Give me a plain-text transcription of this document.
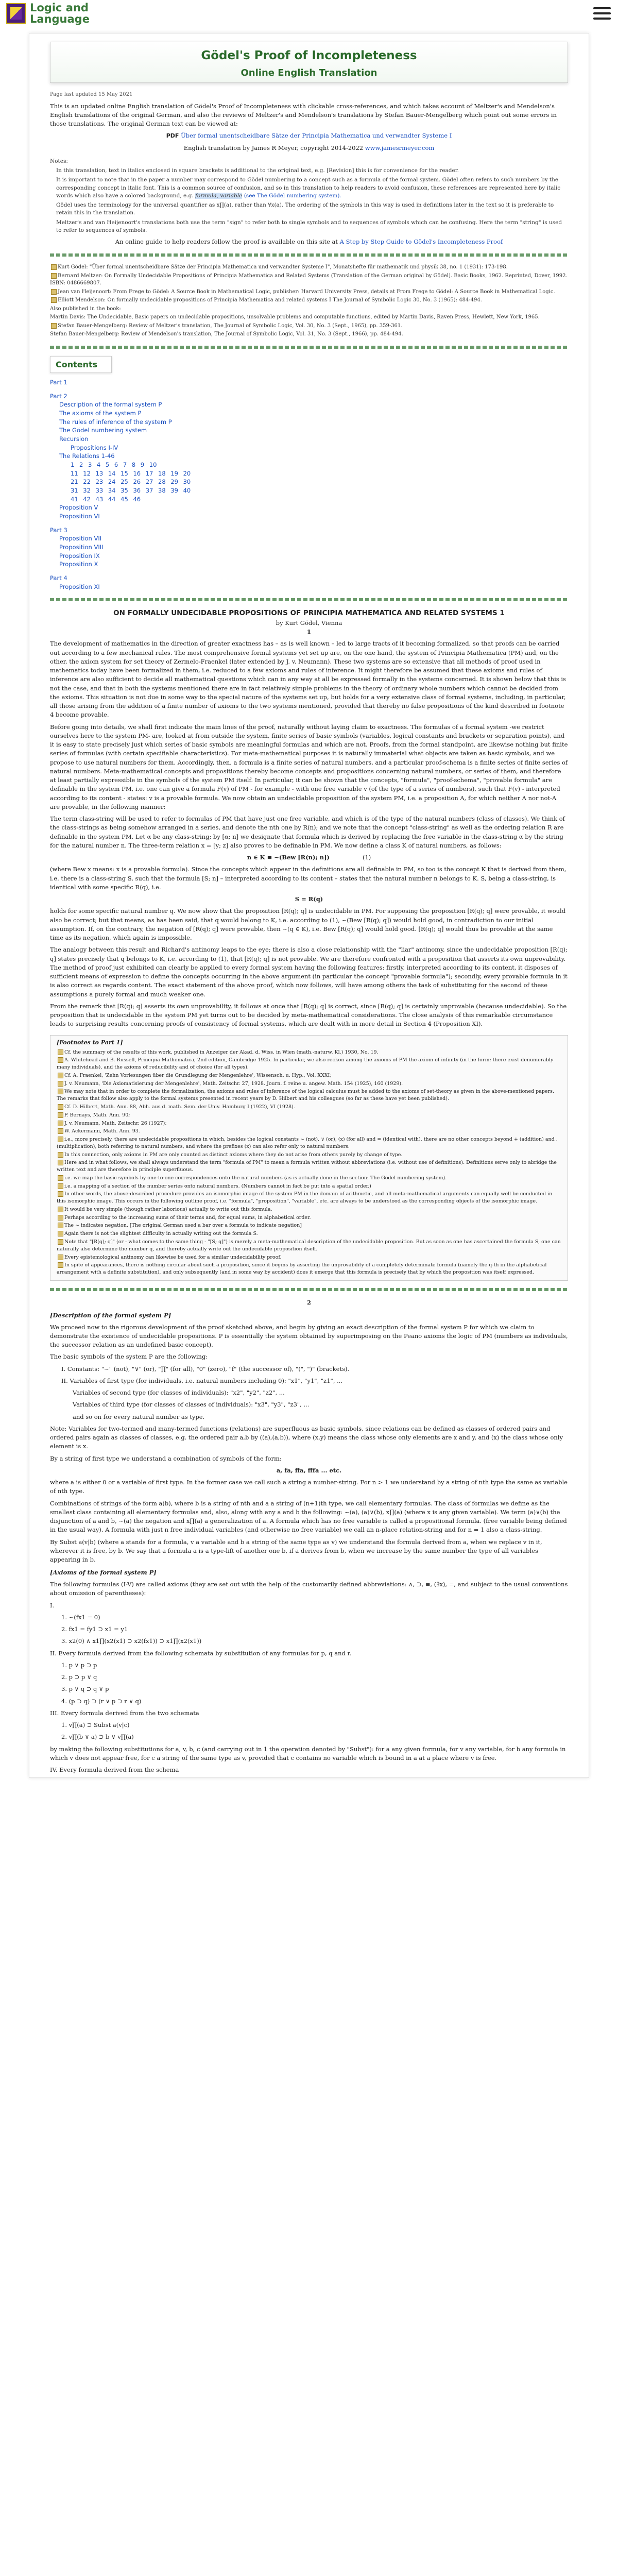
Logic and
Language
Gödel's Proof of Incompleteness
Online English Translation

Page last updated 15 May 2021

This is an updated online English translation of Gödel's Proof of Incompleteness with clickable cross-references, and which takes account of Meltzer's and Mendelson's English translations of the original German, and also the reviews of Meltzer's and Mendelson's translations by Stefan Bauer-Mengelberg which point out some errors in those translations. The original German text can be viewed at:

PDF Über formal unentscheidbare Sätze der Principia Mathematica und verwandter Systeme I

English translation by James R Meyer, copyright 2014-2022 www.jamesrmeyer.com

Notes:

In this translation, text in italics enclosed in square brackets is additional to the original text, e.g. [Revision] this is for convenience for the reader.

It is important to note that in the paper a number may correspond to Gödel numbering to a concept such as a formula of the formal system. Gödel often refers to such numbers by the corresponding concept in italic font. This is a common source of confusion, and so in this translation to help readers to avoid confusion, these references are represented here by italic words which also have a colored background, e.g. formula, variable (see The Gödel numbering system).

Gödel uses the terminology for the universal quantifier as x∏(a), rather than ∀x(a). The ordering of the symbols in this way is used in definitions later in the text so it is preferable to retain this in the translation.

Meltzer's and van Heijenoort's translations both use the term "sign" to refer both to single symbols and to sequences of symbols which can be confusing. Here the term "string" is used to refer to sequences of symbols.

An online guide to help readers follow the proof is available on this site at A Step by Step Guide to Gödel's Incompleteness Proof

Kurt Gödel: "Über formal unentscheidbare Sätze der Principia Mathematica und verwandter Systeme I", Monatshefte für mathematik und physik 38, no. 1 (1931): 173-198.

Bernard Meltzer: On Formally Undecidable Propositions of Principia Mathematica and Related Systems (Translation of the German original by Gödel). Basic Books, 1962. Reprinted, Dover, 1992. ISBN: 0486669807.

Jean van Heijenoort: From Frege to Gödel: A Source Book in Mathematical Logic, publisher: Harvard University Press, details at From Frege to Gödel: A Source Book in Mathematical Logic.

Elliott Mendelson: On formally undecidable propositions of Principia Mathematica and related systems I The Journal of Symbolic Logic 30, No. 3 (1965): 484-494.

Also published in the book:

Martin Davis: The Undecidable, Basic papers on undecidable propositions, unsolvable problems and computable functions, edited by Martin Davis, Raven Press, Hewlett, New York, 1965.

Stefan Bauer-Mengelberg: Review of Meltzer's translation, The Journal of Symbolic Logic, Vol. 30, No. 3 (Sept., 1965), pp. 359-361.

Stefan Bauer-Mengelberg: Review of Mendelson's translation, The Journal of Symbolic Logic, Vol. 31, No. 3 (Sept., 1966), pp. 484-494.

Contents
Part 1
Part 2
Description of the formal system P
The axioms of the system P
The rules of inference of the system P
The Gödel numbering system
Recursion
Propositions I-IV
The Relations 1-46
1 2 3 4 5 6 7 8 9 10
11 12 13 14 15 16 17 18 19 20
21 22 23 24 25 26 27 28 29 30
31 32 33 34 35 36 37 38 39 40
41 42 43 44 45 46
Proposition V
Proposition VI
Part 3
Proposition VII
Proposition VIII
Proposition IX
Proposition X
Part 4
Proposition XI
ON FORMALLY UNDECIDABLE PROPOSITIONS OF PRINCIPIA MATHEMATICA AND RELATED SYSTEMS 1
by Kurt Gödel, Vienna
1

The development of mathematics in the direction of greater exactness has – as is well known – led to large tracts of it becoming formalized, so that proofs can be carried out according to a few mechanical rules. The most comprehensive formal systems yet set up are, on the one hand, the system of Principia Mathematica (PM) and, on the other, the axiom system for set theory of Zermelo-Fraenkel (later extended by J. v. Neumann). These two systems are so extensive that all methods of proof used in mathematics today have been formalized in them, i.e. reduced to a few axioms and rules of inference. It might therefore be assumed that these axioms and rules of inference are also sufficient to decide all mathematical questions which can in any way at all be expressed formally in the systems concerned. It is shown below that this is not the case, and that in both the systems mentioned there are in fact relatively simple problems in the theory of ordinary whole numbers which cannot be decided from the axioms. This situation is not due in some way to the special nature of the systems set up, but holds for a very extensive class of formal systems, including, in particular, all those arising from the addition of a finite number of axioms to the two systems mentioned, provided that thereby no false propositions of the kind described in footnote 4 become provable.

Before going into details, we shall first indicate the main lines of the proof, naturally without laying claim to exactness. The formulas of a formal system -we restrict ourselves here to the system PM- are, looked at from outside the system, finite series of basic symbols (variables, logical constants and brackets or separation points), and it is easy to state precisely just which series of basic symbols are meaningful formulas and which are not. Proofs, from the formal standpoint, are likewise nothing but finite series of formulas (with certain specifiable characteristics). For meta-mathematical purposes it is naturally immaterial what objects are taken as basic symbols, and we propose to use natural numbers for them. Accordingly, then, a formula is a finite series of natural numbers, and a particular proof-schema is a finite series of finite series of natural numbers. Meta-mathematical concepts and propositions thereby become concepts and propositions concerning natural numbers, or series of them, and therefore at least partially expressible in the symbols of the system PM itself. In particular, it can be shown that the concepts, "formula", "proof-schema", "provable formula" are definable in the system PM, i.e. one can give a formula F(v) of PM - for example - with one free variable v (of the type of a series of numbers), such that F(v) - interpreted according to its content - states: v is a provable formula. We now obtain an undecidable proposition of the system PM, i.e. a proposition A, for which neither A nor not-A are provable, in the following manner:

The term class-string will be used to refer to formulas of PM that have just one free variable, and which is of the type of the natural numbers (class of classes). We think of the class-strings as being somehow arranged in a series, and denote the nth one by R(n); and we note that the concept "class-string" as well as the ordering relation R are definable in the system PM. Let α be any class-string; by [α; n] we designate that formula which is derived by replacing the free variable in the class-string α by the string for the natural number n. The three-term relation x = [y; z] also proves to be definable in PM. We now define a class K of natural numbers, as follows:

n ∈ K ≡ ~(Bew [R(n); n])	(1)

(where Bew x means: x is a provable formula). Since the concepts which appear in the definitions are all definable in PM, so too is the concept K that is derived from them, i.e. there is a class-string S, such that the formula [S; n] – interpreted according to its content – states that the natural number n belongs to K. S, being a class-string, is identical with some specific R(q), i.e.

S = R(q)

holds for some specific natural number q. We now show that the proposition [R(q); q] is undecidable in PM. For supposing the proposition [R(q); q] were provable, it would also be correct; but that means, as has been said, that q would belong to K, i.e. according to (1), ~(Bew [R(q); q]) would hold good, in contradiction to our initial assumption. If, on the contrary, the negation of [R(q); q] were provable, then ~(q ∈ K), i.e. Bew [R(q); q] would hold good. [R(q); q] would thus be provable at the same time as its negation, which again is impossible.

The analogy between this result and Richard's antinomy leaps to the eye; there is also a close relationship with the "liar" antinomy, since the undecidable proposition [R(q); q] states precisely that q belongs to K, i.e. according to (1), that [R(q); q] is not provable. We are therefore confronted with a proposition that asserts its own unprovability. The method of proof just exhibited can clearly be applied to every formal system having the following features: firstly, interpreted according to its content, it disposes of sufficient means of expression to define the concepts occurring in the above argument (in particular the concept "provable formula"); secondly, every provable formula in it is also correct as regards content. The exact statement of the above proof, which now follows, will have among others the task of substituting for the second of these assumptions a purely formal and much weaker one.

From the remark that [R(q); q] asserts its own unprovability, it follows at once that [R(q); q] is correct, since [R(q); q] is certainly unprovable (because undecidable). So the proposition that is undecidable in the system PM yet turns out to be decided by meta-mathematical considerations. The close analysis of this remarkable circumstance leads to surprising results concerning proofs of consistency of formal systems, which are dealt with in more detail in Section 4 (Proposition XI).

[Footnotes to Part 1]

Cf. the summary of the results of this work, published in Anzeiger der Akad. d. Wiss. in Wien (math.-naturw. Kl.) 1930, No. 19.

A. Whitehead and B. Russell, Principia Mathematica, 2nd edition, Cambridge 1925. In particular, we also reckon among the axioms of PM the axiom of infinity (in the form: there exist denumerably many individuals), and the axioms of reducibility and of choice (for all types).

Cf. A. Fraenkel, 'Zehn Vorlesungen über die Grundlegung der Mengenlehre', Wissensch. u. Hyp., Vol. XXXI;

J. v. Neumann, 'Die Axiomatisierung der Mengenlehre', Math. Zeitschr. 27, 1928. Journ. f. reine u. angew. Math. 154 (1925), 160 (1929).

We may note that in order to complete the formalization, the axioms and rules of inference of the logical calculus must be added to the axioms of set-theory as given in the above-mentioned papers. The remarks that follow also apply to the formal systems presented in recent years by D. Hilbert and his colleagues (so far as these have yet been published).

Cf. D. Hilbert, Math. Ann. 88, Abh. aus d. math. Sem. der Univ. Hamburg I (1922), VI (1928).

P. Bernays, Math. Ann. 90;

J. v. Neumann, Math. Zeitschr. 26 (1927);

W. Ackermann, Math. Ann. 93.

i.e., more precisely, there are undecidable propositions in which, besides the logical constants ~ (not), ∨ (or), (x) (for all) and = (identical with), there are no other concepts beyond + (addition) and . (multiplication), both referring to natural numbers, and where the prefixes (x) can also refer only to natural numbers.

In this connection, only axioms in PM are only counted as distinct axioms where they do not arise from others purely by change of type.

Here and in what follows, we shall always understand the term "formula of PM" to mean a formula written without abbreviations (i.e. without use of definitions). Definitions serve only to abridge the written text and are therefore in principle superfluous.

i.e. we map the basic symbols by one-to-one correspondences onto the natural numbers (as is actually done in the section: The Gödel numbering system).

i.e. a mapping of a section of the number series onto natural numbers. (Numbers cannot in fact be put into a spatial order.)

In other words, the above-described procedure provides an isomorphic image of the system PM in the domain of arithmetic, and all meta-mathematical arguments can equally well be conducted in this isomorphic image. This occurs in the following outline proof, i.e. "formula", "proposition", "variable", etc. are always to be understood as the corresponding objects of the isomorphic image.

It would be very simple (though rather laborious) actually to write out this formula.

Perhaps according to the increasing sums of their terms and, for equal sums, in alphabetical order.

The ~ indicates negation. [The original German used a bar over a formula to indicate negation]

Again there is not the slightest difficulty in actually writing out the formula S.

Note that "[R(q); q]" (or - what comes to the same thing - "[S; q]") is merely a meta-mathematical description of the undecidable proposition. But as soon as one has ascertained the formula S, one can naturally also determine the number q, and thereby actually write out the undecidable proposition itself.

Every epistemological antinomy can likewise be used for a similar undecidability proof.

In spite of appearances, there is nothing circular about such a proposition, since it begins by asserting the unprovability of a completely determinate formula (namely the q-th in the alphabetical arrangement with a definite substitution), and only subsequently (and in some way by accident) does it emerge that this formula is precisely that by which the proposition was itself expressed.

2
[Description of the formal system P]

We proceed now to the rigorous development of the proof sketched above, and begin by giving an exact description of the formal system P for which we claim to demonstrate the existence of undecidable propositions. P is essentially the system obtained by superimposing on the Peano axioms the logic of PM (numbers as individuals, the successor relation as an undefined basic concept).

The basic symbols of the system P are the following:

I. Constants: "~" (not), "∨" (or), "∏" (for all), "0" (zero), "f" (the successor of), "(", ")" (brackets).

II. Variables of first type (for individuals, i.e. natural numbers including 0): "x1", "y1", "z1", ...

Variables of second type (for classes of individuals): "x2", "y2", "z2", ...

Variables of third type (for classes of classes of individuals): "x3", "y3", "z3", ...

and so on for every natural number as type.

Note: Variables for two-termed and many-termed functions (relations) are superfluous as basic symbols, since relations can be defined as classes of ordered pairs and ordered pairs again as classes of classes, e.g. the ordered pair a,b by ((a),(a,b)), where (x,y) means the class whose only elements are x and y, and (x) the class whose only element is x.

By a string of first type we understand a combination of symbols of the form:

a, fa, ffa, fffa ... etc.

where a is either 0 or a variable of first type. In the former case we call such a string a number-string. For n > 1 we understand by a string of nth type the same as variable of nth type.

Combinations of strings of the form a(b), where b is a string of nth and a a string of (n+1)th type, we call elementary formulas. The class of formulas we define as the smallest class containing all elementary formulas and, also, along with any a and b the following: ~(a), (a)∨(b), x∏(a) (where x is any given variable). We term (a)∨(b) the disjunction of a and b, ~(a) the negation and x∏(a) a generalization of a. A formula which has no free variable is called a propositional formula. (free variable being defined in the usual way). A formula with just n free individual variables (and otherwise no free variable) we call an n-place relation-string and for n = 1 also a class-string.

By Subst a(v|b) (where a stands for a formula, v a variable and b a string of the same type as v) we understand the formula derived from a, when we replace v in it, wherever it is free, by b. We say that a formula a is a type-lift of another one b, if a derives from b, when we increase by the same number the type of all variables appearing in b.

[Axioms of the formal system P]

The following formulas (I-V) are called axioms (they are set out with the help of the customarily defined abbreviations: ∧, ⊃, ≡, (∃x), =, and subject to the usual conventions about omission of parentheses):

I.

1. ~(fx1 = 0)

2. fx1 = fy1 ⊃ x1 = y1

3. x2(0) ∧ x1∏(x2(x1) ⊃ x2(fx1)) ⊃ x1∏(x2(x1))

II. Every formula derived from the following schemata by substitution of any formulas for p, q and r.

1. p ∨ p ⊃ p

2. p ⊃ p ∨ q

3. p ∨ q ⊃ q ∨ p

4. (p ⊃ q) ⊃ (r ∨ p ⊃ r ∨ q)

III. Every formula derived from the two schemata

1. v∏(a) ⊃ Subst a(v|c)

2. v∏(b ∨ a) ⊃ b ∨ v∏(a)

by making the following substitutions for a, v, b, c (and carrying out in 1 the operation denoted by "Subst"): for a any given formula, for v any variable, for b any formula in which v does not appear free, for c a string of the same type as v, provided that c contains no variable which is bound in a at a place where v is free.

IV. Every formula derived from the schema
